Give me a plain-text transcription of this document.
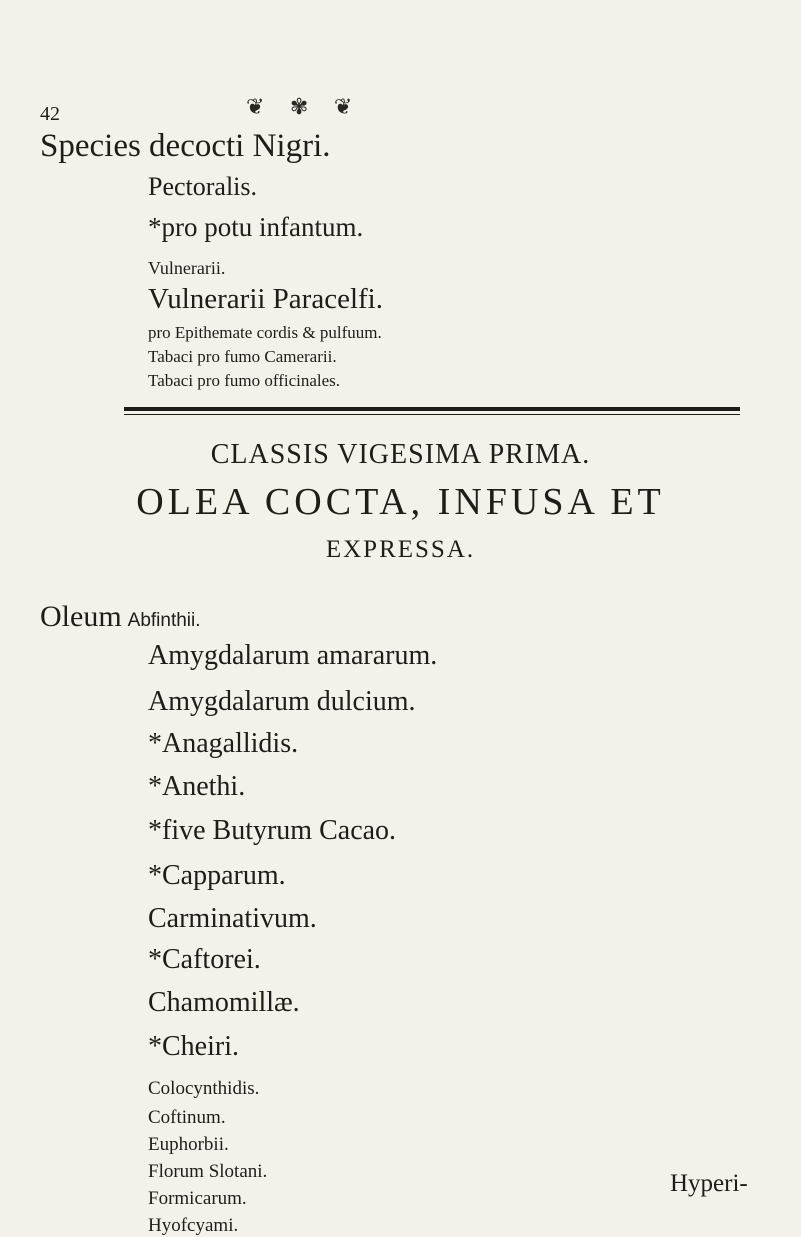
42	❦ ✾ ❦
Species decocti Nigri.
Pectoralis.
*pro potu infantum.
Vulnerarii.
Vulnerarii Paracelfi.
pro Epithemate cordis & pulfuum.
Tabaci pro fumo Camerarii.
Tabaci pro fumo officinales.
CLASSIS VIGESIMA PRIMA.
OLEA COCTA, INFUSA ET
EXPRESSA.
Oleum Abfinthii.
Amygdalarum amararum.
Amygdalarum dulcium.
*Anagallidis.
*Anethi.
*five Butyrum Cacao.
*Capparum.
Carminativum.
*Caftorei.
Chamomillæ.
*Cheiri.
Colocynthidis.
Coftinum.
Euphorbii.
Florum Slotani.
Formicarum.
Hyofcyami.
Hyperi-
